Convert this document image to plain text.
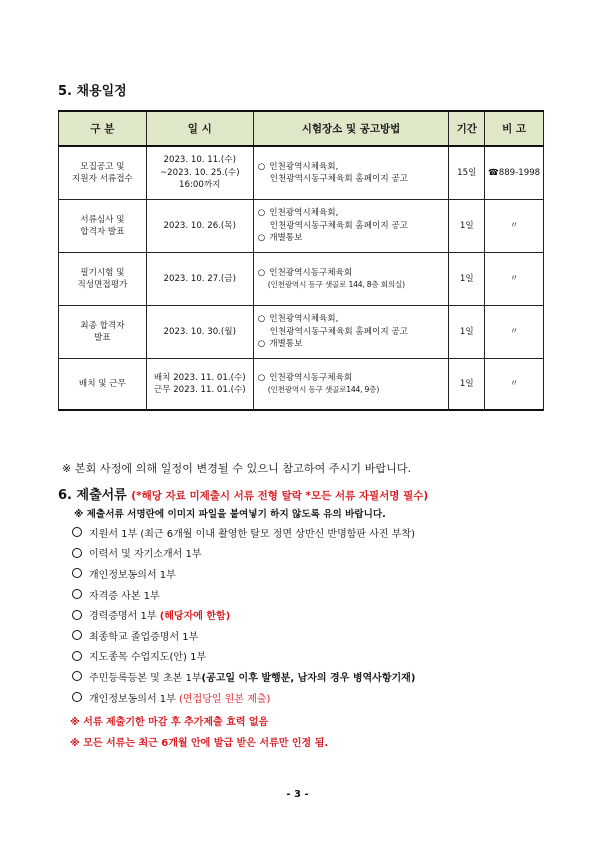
5. 채용일정
구 분	일 시	시험장소 및 공고방법	기간	비 고

모집공고 및
지원자 서류접수	2023. 10. 11.(수)
~2023. 10. 25.(수)
16:00까지	○ 인천광역시체육회,
인천광역시동구체육회 홈페이지 공고	15일	☎889-1998

서류심사 및
합격자 발표	2023. 10. 26.(목)	○ 인천광역시체육회,
인천광역시동구체육회 홈페이지 공고
○ 개별통보	1일	〃

필기시험 및
직성면접평가	2023. 10. 27.(금)	○ 인천광역시동구체육회
(인천광역시 동구 샛골로 144, 8층 회의실)	1일	〃

최종 합격자
발표	2023. 10. 30.(월)	○ 인천광역시체육회,
인천광역시동구체육회 홈페이지 공고
○ 개별통보	1일	〃

배치 및 근무	배치 2023. 11. 01.(수)
근무 2023. 11. 01.(수)	○ 인천광역시동구체육회
(인천광역시 동구 샛골로144, 9층)	1일	〃
※ 본회 사정에 의해 일정이 변경될 수 있으니 참고하여 주시기 바랍니다.
6. 제출서류 (*해당 자료 미제출시 서류 전형 탈락 *모든 서류 자필서명 필수)
※ 제출서류 서명란에 이미지 파일을 붙여넣기 하지 않도록 유의 바랍니다.
지원서 1부 (최근 6개월 이내 촬영한 탈모 정면 상반신 반명함판 사진 부착)
이력서 및 자기소개서 1부
개인정보동의서 1부
자격증 사본 1부
경력증명서 1부 (해당자에 한함)
최종학교 졸업증명서 1부
지도종목 수업지도(안) 1부
주민등록등본 및 초본 1부 (공고일 이후 발행분, 남자의 경우 병역사항기재)
개인정보동의서 1부 (면접당일 원본 제출)
※ 서류 제출기한 마감 후 추가제출 효력 없음
※ 모든 서류는 최근 6개월 안에 발급 받은 서류만 인정 됨.
- 3 -
